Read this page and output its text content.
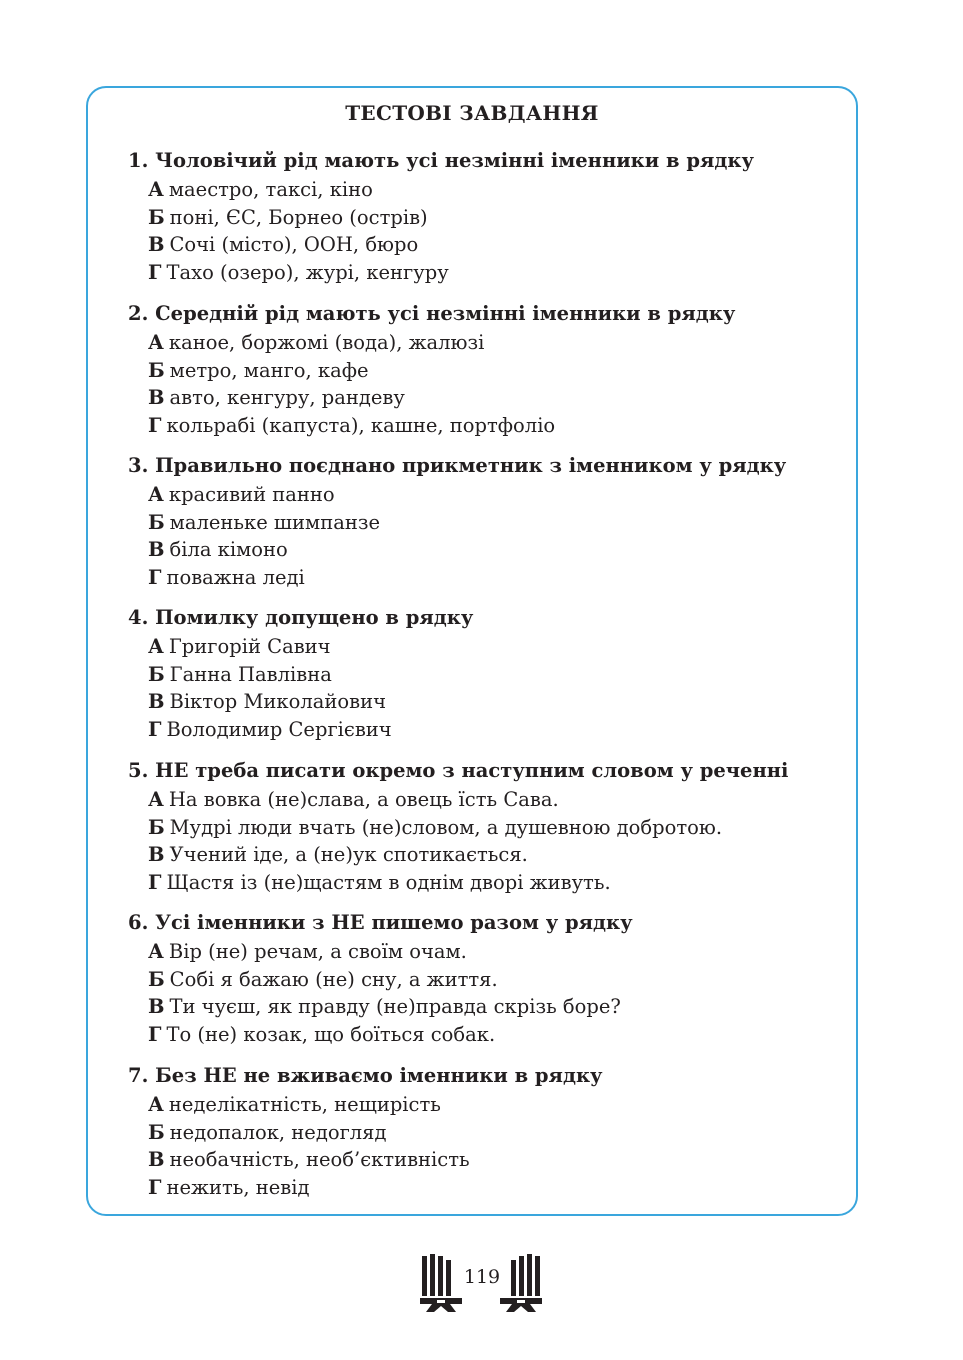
ТЕСТОВІ ЗАВДАННЯ
1. Чоловічий рід мають усі незмінні іменники в рядку
А маестро, таксі, кіно
Б поні, ЄС, Борнео (острів)
В Сочі (місто), ООН, бюро
Г Тахо (озеро), журі, кенгуру
2. Середній рід мають усі незмінні іменники в рядку
А каное, боржомі (вода), жалюзі
Б метро, манго, кафе
В авто, кенгуру, рандеву
Г кольрабі (капуста), кашне, портфоліо
3. Правильно поєднано прикметник з іменником у рядку
А красивий панно
Б маленьке шимпанзе
В біла кімоно
Г поважна леді
4. Помилку допущено в рядку
А Григорій Савич
Б Ганна Павлівна
В Віктор Миколайович
Г Володимир Сергієвич
5. НЕ треба писати окремо з наступним словом у реченні
А На вовка (не)слава, а овець їсть Сава.
Б Мудрі люди вчать (не)словом, а душевною добротою.
В Учений іде, а (не)ук спотикається.
Г Щастя із (не)щастям в однім дворі живуть.
6. Усі іменники з НЕ пишемо разом у рядку
А Вір (не) речам, а своїм очам.
Б Собі я бажаю (не) сну, а життя.
В Ти чуєш, як правду (не)правда скрізь боре?
Г То (не) козак, що боїться собак.
7. Без НЕ не вживаємо іменники в рядку
А неделікатність, нещирість
Б недопалок, недогляд
В необачність, необ’єктивність
Г нежить, невід
119
